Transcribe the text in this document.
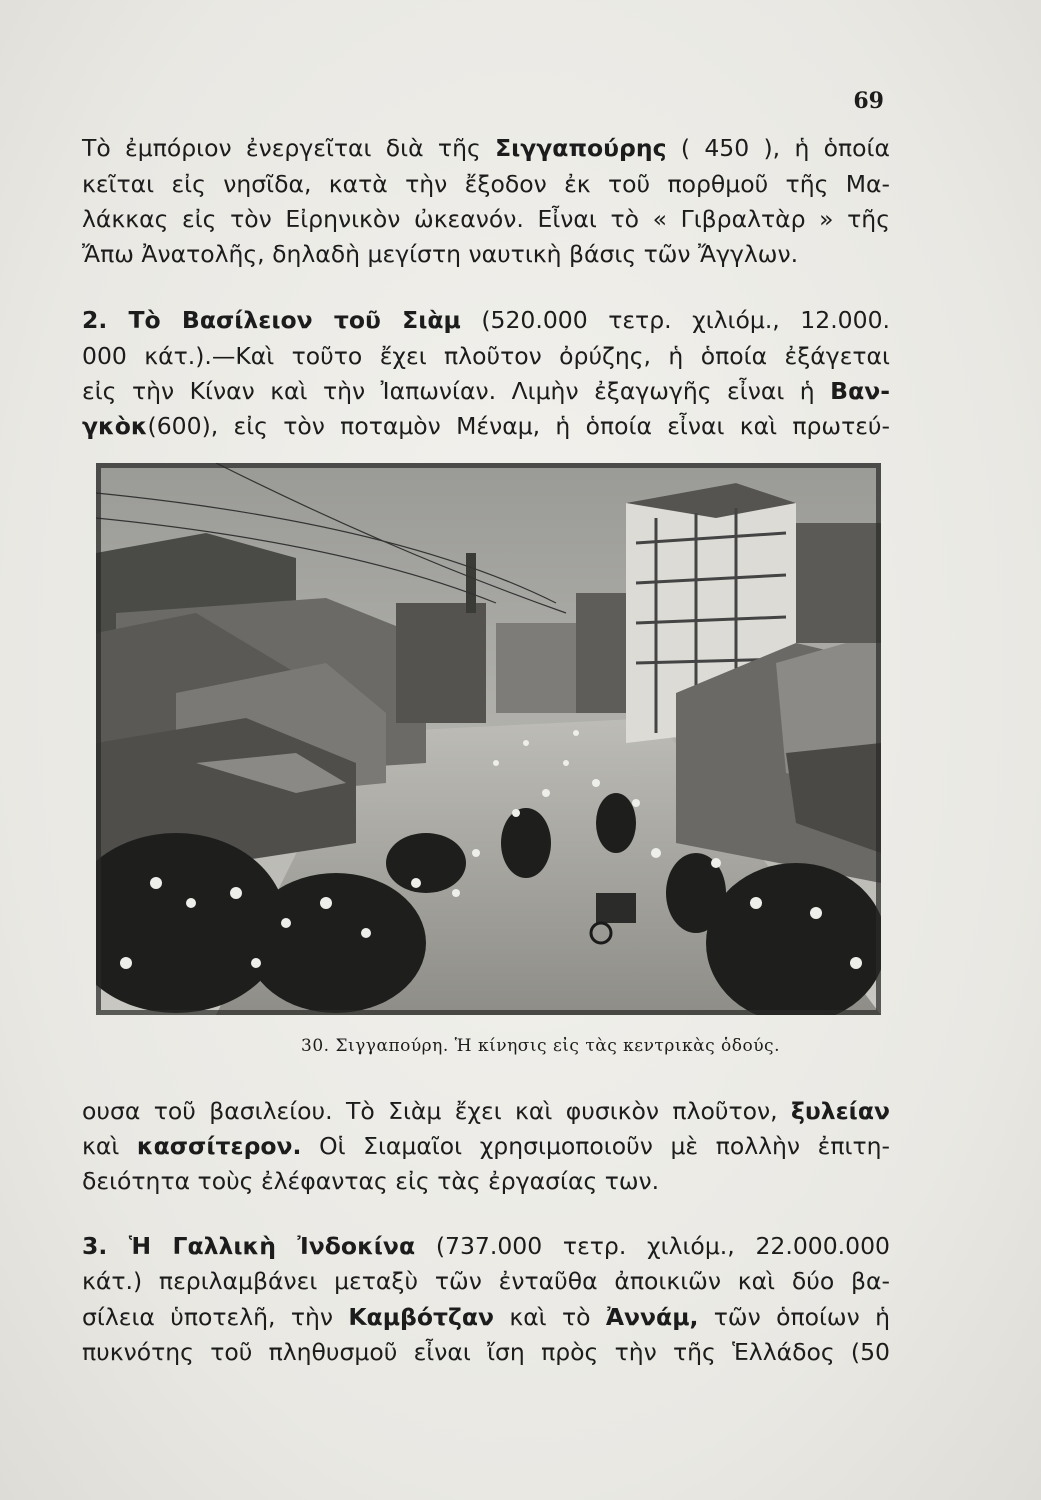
69
Τὸ ἐμπόριον ἐνεργεῖται διὰ τῆς Σιγγαπούρης ( 450 ), ἡ ὁποία
κεῖται εἰς νησῖδα, κατὰ τὴν ἔξοδον ἐκ τοῦ πορθμοῦ τῆς Μα-
λάκκας εἰς τὸν Εἰρηνικὸν ὠκεανόν. Εἶναι τὸ « Γιβραλτὰρ » τῆς
Ἄπω Ἀνατολῆς, δηλαδὴ μεγίστη ναυτικὴ βάσις τῶν Ἄγγλων.
2. Τὸ Βασίλειον τοῦ Σιὰμ (520.000 τετρ. χιλιόμ., 12.000.
000 κάτ.).—Καὶ τοῦτο ἔχει πλοῦτον ὀρύζης, ἡ ὁποία ἐξάγεται
εἰς τὴν Κίναν καὶ τὴν Ἰαπωνίαν. Λιμὴν ἐξαγωγῆς εἶναι ἡ Βαν-
γκὸκ(600), εἰς τὸν ποταμὸν Μέναμ, ἡ ὁποία εἶναι καὶ πρωτεύ-
30. Σιγγαπούρη. Ἡ κίνησις εἰς τὰς κεντρικὰς ὁδούς.
ουσα τοῦ βασιλείου. Τὸ Σιὰμ ἔχει καὶ φυσικὸν πλοῦτον, ξυλείαν
καὶ κασσίτερον. Οἱ Σιαμαῖοι χρησιμοποιοῦν μὲ πολλὴν ἐπιτη-
δειότητα τοὺς ἐλέφαντας εἰς τὰς ἐργασίας των.
3. Ἡ Γαλλικὴ Ἰνδοκίνα (737.000 τετρ. χιλιόμ., 22.000.000
κάτ.) περιλαμβάνει μεταξὺ τῶν ἐνταῦθα ἀποικιῶν καὶ δύο βα-
σίλεια ὑποτελῆ, τὴν Καμβότζαν καὶ τὸ Ἀννάμ, τῶν ὁποίων ἡ
πυκνότης τοῦ πληθυσμοῦ εἶναι ἴση πρὸς τὴν τῆς Ἑλλάδος (50
